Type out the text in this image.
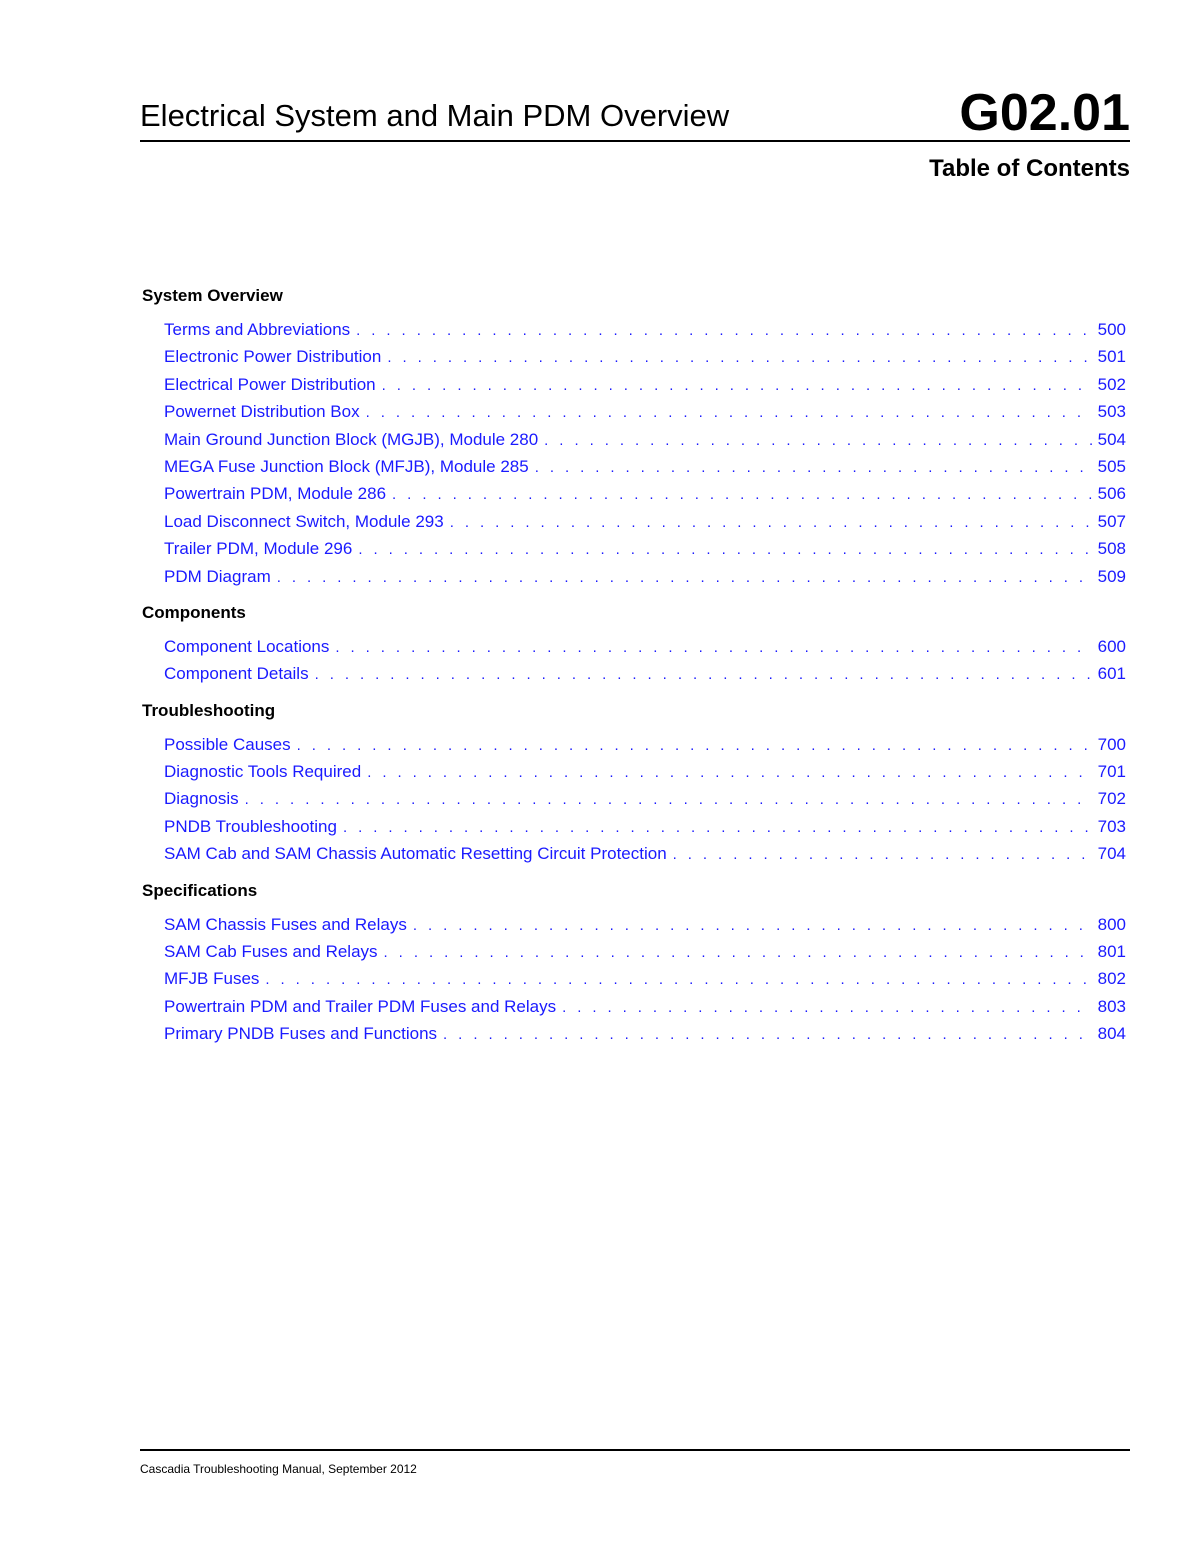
Electrical System and Main PDM Overview	G02.01
Table of Contents
System Overview
Terms and Abbreviations . . .	500
Electronic Power Distribution . . .	501
Electrical Power Distribution . . .	502
Powernet Distribution Box . . .	503
Main Ground Junction Block (MGJB), Module 280 . . .	504
MEGA Fuse Junction Block (MFJB), Module 285 . . .	505
Powertrain PDM, Module 286 . . .	506
Load Disconnect Switch, Module 293 . . .	507
Trailer PDM, Module 296 . . .	508
PDM Diagram . . .	509
Components
Component Locations . . .	600
Component Details . . .	601
Troubleshooting
Possible Causes . . .	700
Diagnostic Tools Required . . .	701
Diagnosis . . .	702
PNDB Troubleshooting . . .	703
SAM Cab and SAM Chassis Automatic Resetting Circuit Protection . . .	704
Specifications
SAM Chassis Fuses and Relays . . .	800
SAM Cab Fuses and Relays . . .	801
MFJB Fuses . . .	802
Powertrain PDM and Trailer PDM Fuses and Relays . . .	803
Primary PNDB Fuses and Functions . . .	804
Cascadia Troubleshooting Manual, September 2012
